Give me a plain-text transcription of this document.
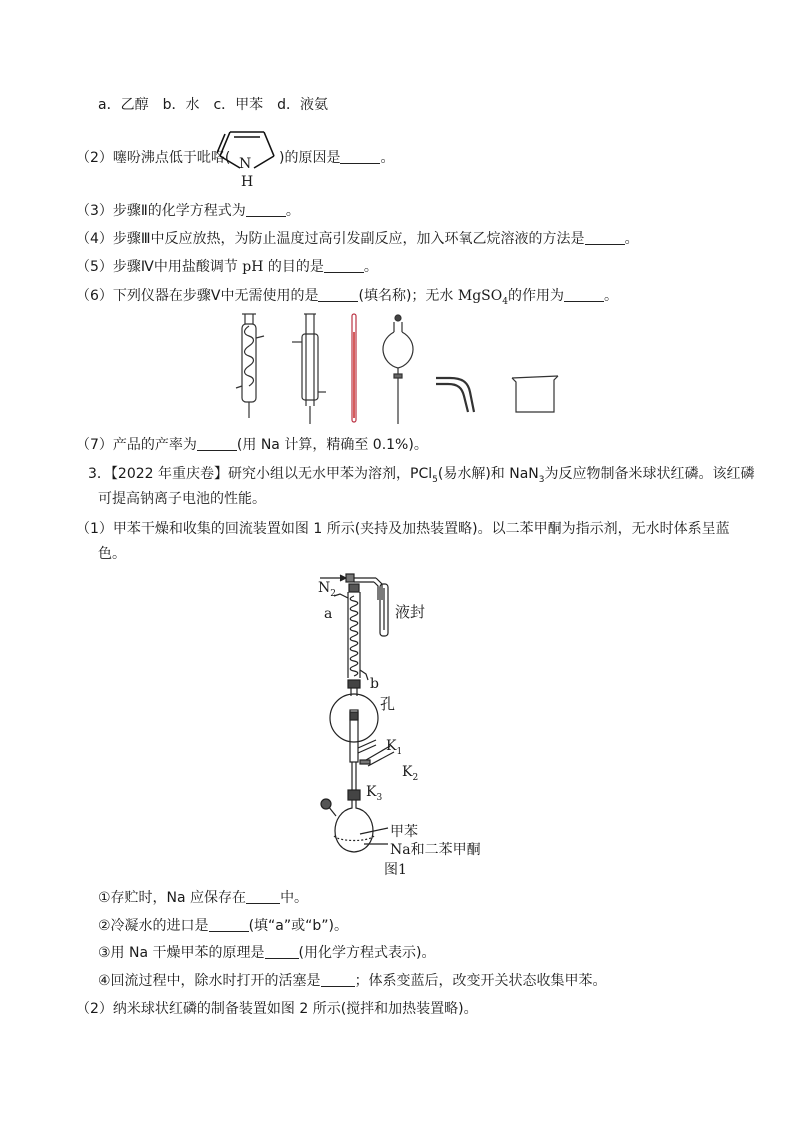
a．乙醇　b．水　c．甲苯　d．液氨
（2）噻吩沸点低于吡咯( N
H
)的原因是	。
（3）步骤Ⅱ的化学方程式为	。
（4）步骤Ⅲ中反应放热，为防止温度过高引发副反应，加入环氧乙烷溶液的方法是	。
（5）步骤Ⅳ中用盐酸调节 pH 的目的是	。
（6）下列仪器在步骤Ⅴ中无需使用的是	(填名称)；无水 MgSO$_4$的作用为	。
（7）产品的产率为	(用 Na 计算，精确至 0.1%)。
3．【2022 年重庆卷】研究小组以无水甲苯为溶剂，PCl$_5$(易水解)和 NaN$_3$为反应物制备米球状红磷。该红磷
可提高钠离子电池的性能。
（1）甲苯干燥和收集的回流装置如图 1 所示(夹持及加热装置略)。以二苯甲酮为指示剂，无水时体系呈蓝
色。
$N_2$
液封
a
b
孔
$K_1$
$K_2$
$K_3$
甲苯
Na和二苯甲酮
图1
①存贮时，Na 应保存在 中。
②冷凝水的进口是	(填“a”或“b”)。
③用 Na 干燥甲苯的原理是 (用化学方程式表示)。
④回流过程中，除水时打开的活塞是 ；体系变蓝后，改变开关状态收集甲苯。
（2）纳米球状红磷的制备装置如图 2 所示(搅拌和加热装置略)。
